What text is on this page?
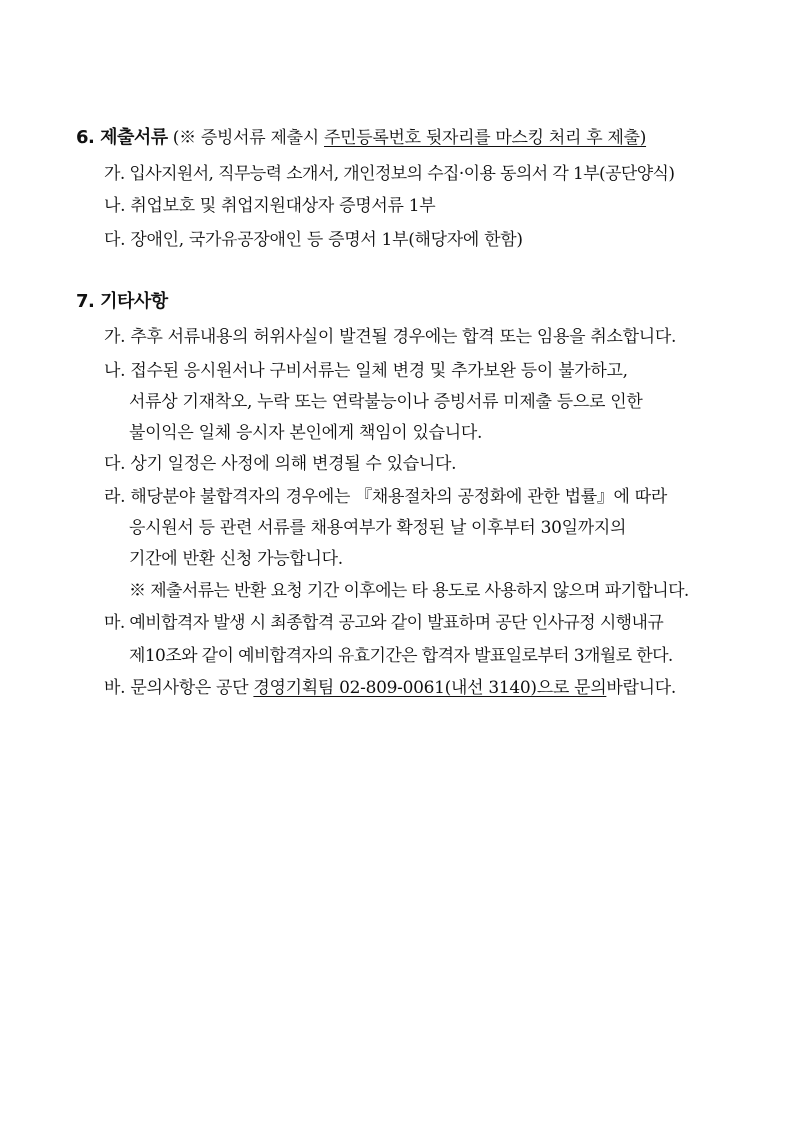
6. 제출서류 (※ 증빙서류 제출시 주민등록번호 뒷자리를 마스킹 처리 후 제출)
가. 입사지원서, 직무능력 소개서, 개인정보의 수집·이용 동의서 각 1부(공단양식)
나. 취업보호 및 취업지원대상자 증명서류 1부
다. 장애인, 국가유공장애인 등 증명서 1부(해당자에 한함)
7. 기타사항
가. 추후 서류내용의 허위사실이 발견될 경우에는 합격 또는 임용을 취소합니다.
나. 접수된 응시원서나 구비서류는 일체 변경 및 추가보완 등이 불가하고,
서류상 기재착오, 누락 또는 연락불능이나 증빙서류 미제출 등으로 인한
불이익은 일체 응시자 본인에게 책임이 있습니다.
다. 상기 일정은 사정에 의해 변경될 수 있습니다.
라. 해당분야 불합격자의 경우에는 『채용절차의 공정화에 관한 법률』에 따라
응시원서 등 관련 서류를 채용여부가 확정된 날 이후부터 30일까지의
기간에 반환 신청 가능합니다.
※ 제출서류는 반환 요청 기간 이후에는 타 용도로 사용하지 않으며 파기합니다.
마. 예비합격자 발생 시 최종합격 공고와 같이 발표하며 공단 인사규정 시행내규
제10조와 같이 예비합격자의 유효기간은 합격자 발표일로부터 3개월로 한다.
바. 문의사항은 공단 경영기획팀 02-809-0061(내선 3140)으로 문의바랍니다.
